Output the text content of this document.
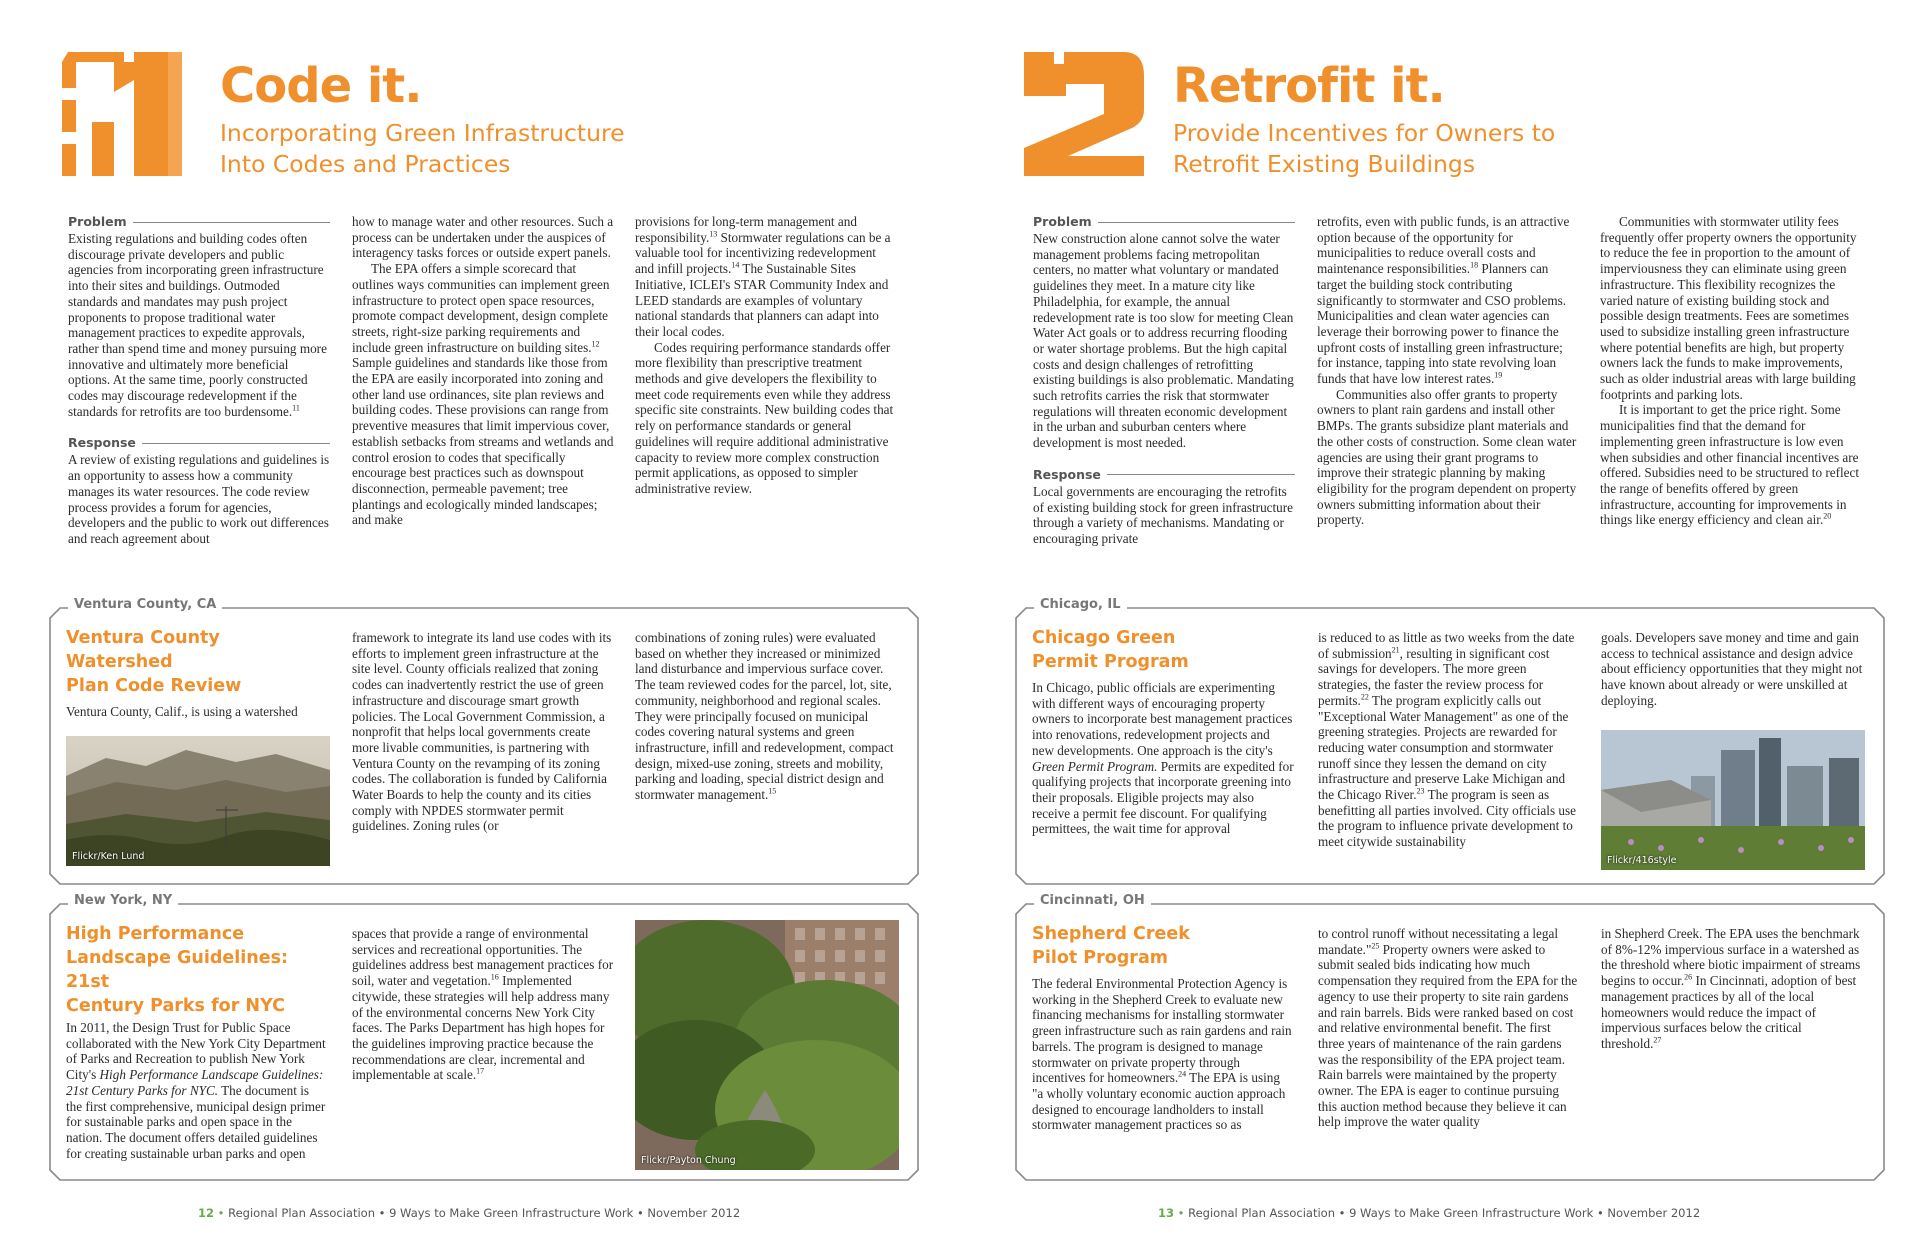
Code it.
Incorporating Green Infrastructure
Into Codes and Practices
Problem

Existing regulations and building codes often discourage private developers and public agencies from incorporating green infrastructure into their sites and buildings. Outmoded standards and mandates may push project proponents to propose traditional water management practices to expedite approvals, rather than spend time and money pursuing more innovative and ultimately more beneficial options. At the same time, poorly constructed codes may discourage redevelopment if the standards for retrofits are too burdensome.$^{11}$

Response

A review of existing regulations and guidelines is an opportunity to assess how a community manages its water resources. The code review process provides a forum for agencies, developers and the public to work out differences and reach agreement about

how to manage water and other resources. Such a process can be undertaken under the auspices of interagency tasks forces or outside expert panels.

The EPA offers a simple scorecard that outlines ways communities can implement green infrastructure to protect open space resources, promote compact development, design complete streets, right-size parking requirements and include green infrastructure on building sites.$^{12}$ Sample guidelines and standards like those from the EPA are easily incorporated into zoning and other land use ordinances, site plan reviews and building codes. These provisions can range from preventive measures that limit impervious cover, establish setbacks from streams and wetlands and control erosion to codes that specifically encourage best practices such as downspout disconnection, permeable pavement; tree plantings and ecologically minded landscapes; and make

provisions for long-term management and responsibility.$^{13}$ Stormwater regulations can be a valuable tool for incentivizing redevelopment and infill projects.$^{14}$ The Sustainable Sites Initiative, ICLEI's STAR Community Index and LEED standards are examples of voluntary national standards that planners can adapt into their local codes.

Codes requiring performance standards offer more flexibility than prescriptive treatment methods and give developers the flexibility to meet code requirements even while they address specific site constraints. New building codes that rely on performance standards or general guidelines will require additional administrative capacity to review more complex construction permit applications, as opposed to simpler administrative review.

Ventura County, CA
Ventura County Watershed
Plan Code Review

Ventura County, Calif., is using a watershed

Flickr/Ken Lund

framework to integrate its land use codes with its efforts to implement green infrastructure at the site level. County officials realized that zoning codes can inadvertently restrict the use of green infrastructure and discourage smart growth policies. The Local Government Commission, a nonprofit that helps local governments create more livable communities, is partnering with Ventura County on the revamping of its zoning codes. The collaboration is funded by California Water Boards to help the county and its cities comply with NPDES stormwater permit guidelines. Zoning rules (or

combinations of zoning rules) were evaluated based on whether they increased or minimized land disturbance and impervious surface cover. The team reviewed codes for the parcel, lot, site, community, neighborhood and regional scales. They were principally focused on municipal codes covering natural systems and green infrastructure, infill and redevelopment, compact design, mixed-use zoning, streets and mobility, parking and loading, special district design and stormwater management.$^{15}$

New York, NY
High Performance
Landscape Guidelines: 21st
Century Parks for NYC

In 2011, the Design Trust for Public Space collaborated with the New York City Department of Parks and Recreation to publish New York City's High Performance Landscape Guidelines: 21st Century Parks for NYC. The document is the first comprehensive, municipal design primer for sustainable parks and open space in the nation. The document offers detailed guidelines for creating sustainable urban parks and open

spaces that provide a range of environmental services and recreational opportunities. The guidelines address best management practices for soil, water and vegetation.$^{16}$ Implemented citywide, these strategies will help address many of the environmental concerns New York City faces. The Parks Department has high hopes for the guidelines improving practice because the recommendations are clear, incremental and implementable at scale.$^{17}$

Flickr/Payton Chung
12 • Regional Plan Association • 9 Ways to Make Green Infrastructure Work • November 2012
Retrofit it.
Provide Incentives for Owners to
Retrofit Existing Buildings
Problem

New construction alone cannot solve the water management problems facing metropolitan centers, no matter what voluntary or mandated guidelines they meet. In a mature city like Philadelphia, for example, the annual redevelopment rate is too slow for meeting Clean Water Act goals or to address recurring flooding or water shortage problems. But the high capital costs and design challenges of retrofitting existing buildings is also problematic. Mandating such retrofits carries the risk that stormwater regulations will threaten economic development in the urban and suburban centers where development is most needed.

Response

Local governments are encouraging the retrofits of existing building stock for green infrastructure through a variety of mechanisms. Mandating or encouraging private

retrofits, even with public funds, is an attractive option because of the opportunity for municipalities to reduce overall costs and maintenance responsibilities.$^{18}$ Planners can target the building stock contributing significantly to stormwater and CSO problems. Municipalities and clean water agencies can leverage their borrowing power to finance the upfront costs of installing green infrastructure; for instance, tapping into state revolving loan funds that have low interest rates.$^{19}$

Communities also offer grants to property owners to plant rain gardens and install other BMPs. The grants subsidize plant materials and the other costs of construction. Some clean water agencies are using their grant programs to improve their strategic planning by making eligibility for the program dependent on property owners submitting information about their property.

Communities with stormwater utility fees frequently offer property owners the opportunity to reduce the fee in proportion to the amount of imperviousness they can eliminate using green infrastructure. This flexibility recognizes the varied nature of existing building stock and possible design treatments. Fees are sometimes used to subsidize installing green infrastructure where potential benefits are high, but property owners lack the funds to make improvements, such as older industrial areas with large building footprints and parking lots.

It is important to get the price right. Some municipalities find that the demand for implementing green infrastructure is low even when subsidies and other financial incentives are offered. Subsidies need to be structured to reflect the range of benefits offered by green infrastructure, accounting for improvements in things like energy efficiency and clean air.$^{20}$

Chicago, IL
Chicago Green
Permit Program

In Chicago, public officials are experimenting with different ways of encouraging property owners to incorporate best management practices into renovations, redevelopment projects and new developments. One approach is the city's Green Permit Program. Permits are expedited for qualifying projects that incorporate greening into their proposals. Eligible projects may also receive a permit fee discount. For qualifying permittees, the wait time for approval

is reduced to as little as two weeks from the date of submission$^{21}$, resulting in significant cost savings for developers. The more green strategies, the faster the review process for permits.$^{22}$ The program explicitly calls out "Exceptional Water Management" as one of the greening strategies. Projects are rewarded for reducing water consumption and stormwater runoff since they lessen the demand on city infrastructure and preserve Lake Michigan and the Chicago River.$^{23}$ The program is seen as benefitting all parties involved. City officials use the program to influence private development to meet citywide sustainability

goals. Developers save money and time and gain access to technical assistance and design advice about efficiency opportunities that they might not have known about already or were unskilled at deploying.

Flickr/416style
Cincinnati, OH
Shepherd Creek
Pilot Program

The federal Environmental Protection Agency is working in the Shepherd Creek to evaluate new financing mechanisms for installing stormwater green infrastructure such as rain gardens and rain barrels. The program is designed to manage stormwater on private property through incentives for homeowners.$^{24}$ The EPA is using "a wholly voluntary economic auction approach designed to encourage landholders to install stormwater management practices so as

to control runoff without necessitating a legal mandate."$^{25}$ Property owners were asked to submit sealed bids indicating how much compensation they required from the EPA for the agency to use their property to site rain gardens and rain barrels. Bids were ranked based on cost and relative environmental benefit. The first three years of maintenance of the rain gardens was the responsibility of the EPA project team. Rain barrels were maintained by the property owner. The EPA is eager to continue pursuing this auction method because they believe it can help improve the water quality

in Shepherd Creek. The EPA uses the benchmark of 8%-12% impervious surface in a watershed as the threshold where biotic impairment of streams begins to occur.$^{26}$ In Cincinnati, adoption of best management practices by all of the local homeowners would reduce the impact of impervious surfaces below the critical threshold.$^{27}$

13 • Regional Plan Association • 9 Ways to Make Green Infrastructure Work • November 2012
